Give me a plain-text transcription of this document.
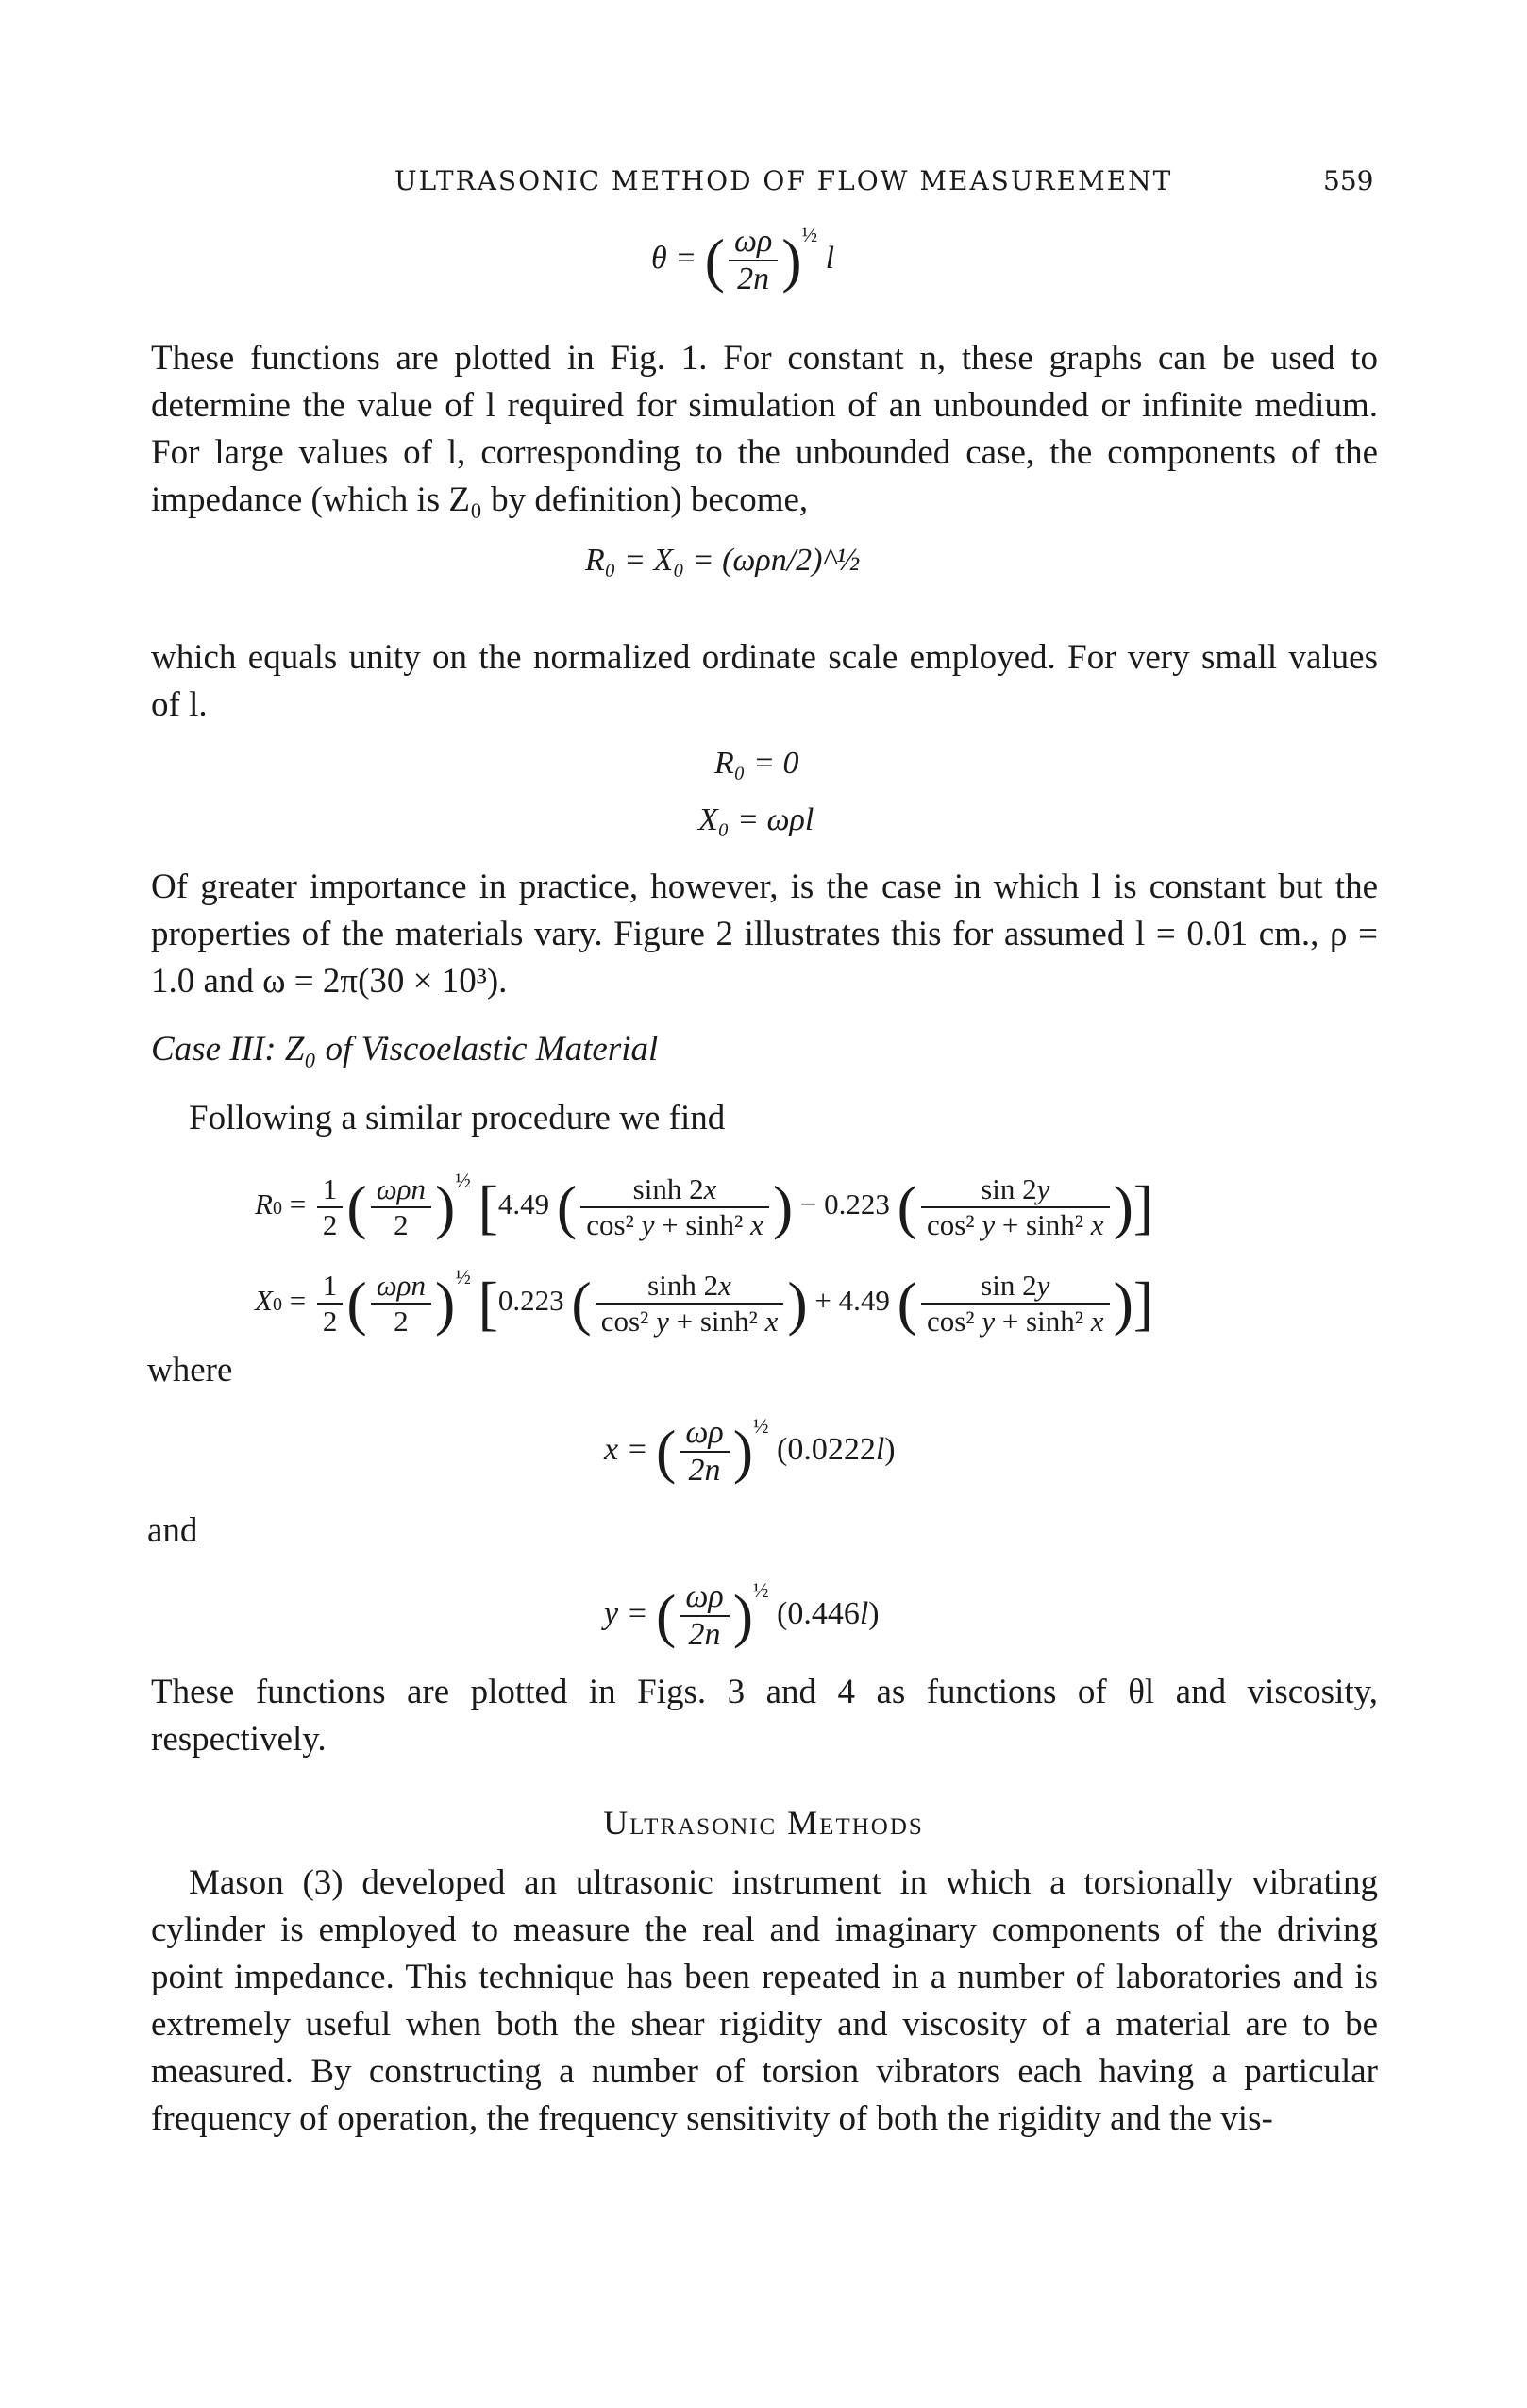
ULTRASONIC METHOD OF FLOW MEASUREMENT	559
θ = ( $\frac{\omega\rho}{2n} )^{\frac{1}{2}}$ l

These functions are plotted in Fig. 1. For constant n, these graphs can be used to determine the value of l required for simulation of an unbounded or infinite medium. For large values of l, corresponding to the unbounded case, the components of the impedance (which is Z₀ by definition) become,

R₀ = X₀ = (ωρn/2)^½

which equals unity on the normalized ordinate scale employed. For very small values of l.

R₀ = 0
X₀ = ωρl

Of greater importance in practice, however, is the case in which l is constant but the properties of the materials vary. Figure 2 illustrates this for assumed l = 0.01 cm., ρ = 1.0 and ω = 2π(30 × 10³).

Case III: Z₀ of Viscoelastic Material

Following a similar procedure we find

$R0 = \frac{1}{2}$ ( $\frac{\text{ωρn}}{2} )^{\frac{1}{2}}$ [4.49 ( $\frac{\sinh 2x}{\text{cos² y + sinh² x}}$ ) − 0.223 ( $\frac{\sin 2y}{\text{cos² y + sinh² x}}$ )]
$X0 = \frac{1}{2}$ ( $\frac{\text{ωρn}}{2} )^{\frac{1}{2}}$ [0.223 ( $\frac{\sinh 2x}{\text{cos² y + sinh² x}}$ ) + 4.49 ( $\frac{\sin 2y}{\text{cos² y + sinh² x}}$ )]
where
x = ( $\frac{\omega\rho}{2n} )^{\frac{1}{2}}$ (0.0222l)
and
y = ( $\frac{\omega\rho}{2n} )^{\frac{1}{2}}$ (0.446l)

These functions are plotted in Figs. 3 and 4 as functions of θl and viscosity, respectively.

Ultrasonic Methods

Mason (3) developed an ultrasonic instrument in which a torsionally vibrating cylinder is employed to measure the real and imaginary components of the driving point impedance. This technique has been repeated in a number of laboratories and is extremely useful when both the shear rigidity and viscosity of a material are to be measured. By constructing a number of torsion vibrators each having a particular frequency of operation, the frequency sensitivity of both the rigidity and the vis-
